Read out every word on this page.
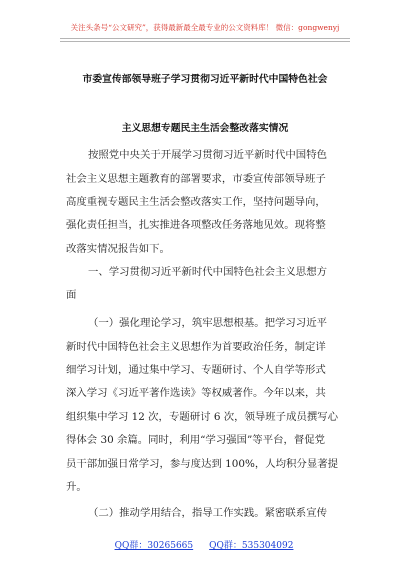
关注头条号“公文研究”，获得最新最全最专业的公文资料库！ 微信：gongwenyj
市委宣传部领导班子学习贯彻习近平新时代中国特色社会
主义思想专题民主生活会整改落实情况
按照党中央关于开展学习贯彻习近平新时代中国特色
社会主义思想主题教育的部署要求，市委宣传部领导班子
高度重视专题民主生活会整改落实工作，坚持问题导向，
强化责任担当，扎实推进各项整改任务落地见效。现将整
改落实情况报告如下。
一、学习贯彻习近平新时代中国特色社会主义思想方
面
（一）强化理论学习，筑牢思想根基。把学习习近平
新时代中国特色社会主义思想作为首要政治任务，制定详
细学习计划，通过集中学习、专题研讨、个人自学等形式
深入学习《习近平著作选读》等权威著作。今年以来，共
组织集中学习 12 次，专题研讨 6 次，领导班子成员撰写心
得体会 30 余篇。同时，利用“学习强国”等平台，督促党
员干部加强日常学习，参与度达到 100%，人均积分显著提
升。
（二）推动学用结合，指导工作实践。紧密联系宣传
QQ群：30265665 QQ群：535304092
